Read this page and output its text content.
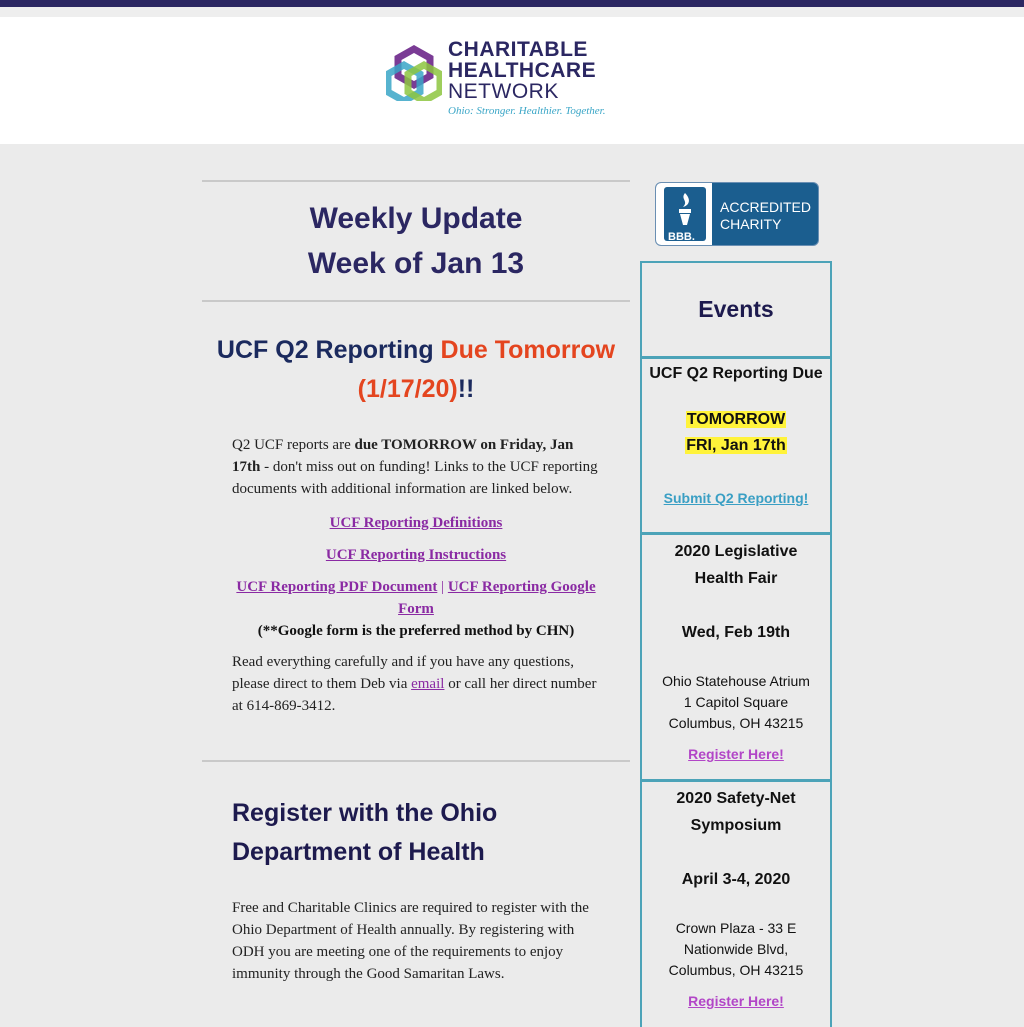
CHARITABLE
HEALTHCARE
NETWORK
Ohio: Stronger. Healthier. Together.
Weekly Update
Week of Jan 13
UCF Q2 Reporting Due Tomorrow (1/17/20)!!
Q2 UCF reports are due TOMORROW on Friday, Jan 17th - don't miss out on funding! Links to the UCF reporting documents with additional information are linked below.
UCF Reporting Definitions
UCF Reporting Instructions
UCF Reporting PDF Document | UCF Reporting Google Form
(**Google form is the preferred method by CHN)
Read everything carefully and if you have any questions, please direct to them Deb via email or call her direct number at 614-869-3412.
Register with the Ohio Department of Health
Free and Charitable Clinics are required to register with the Ohio Department of Health annually. By registering with ODH you are meeting one of the requirements to enjoy immunity through the Good Samaritan Laws.
BBB.
ACCREDITED
CHARITY
Events
UCF Q2 Reporting Due
TOMORROW
FRI, Jan 17th
Submit Q2 Reporting!
2020 Legislative Health Fair
Wed, Feb 19th
Ohio Statehouse Atrium
1 Capitol Square
Columbus, OH 43215
Register Here!
2020 Safety-Net Symposium
April 3-4, 2020
Crown Plaza - 33 E
Nationwide Blvd,
Columbus, OH 43215
Register Here!
